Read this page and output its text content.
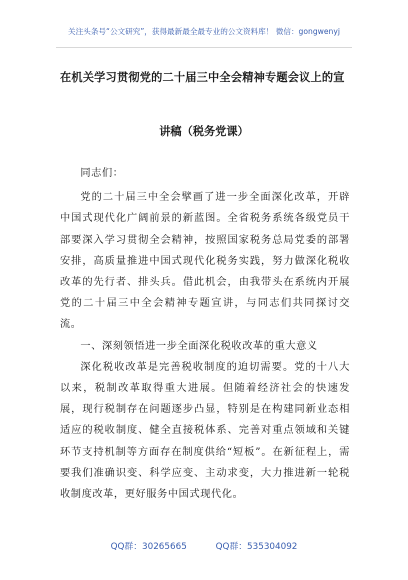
关注头条号“公文研究”，获得最新最全最专业的公文资料库！ 微信：gongwenyj
在机关学习贯彻党的二十届三中全会精神专题会议上的宣
讲稿（税务党课）

同志们：

党的二十届三中全会擘画了进一步全面深化改革，开辟中国式现代化广阔前景的新蓝图。全省税务系统各级党员干部要深入学习贯彻全会精神，按照国家税务总局党委的部署安排，高质量推进中国式现代化税务实践，努力做深化税收改革的先行者、排头兵。借此机会，由我带头在系统内开展党的二十届三中全会精神专题宣讲，与同志们共同探讨交流。

一、深刻领悟进一步全面深化税收改革的重大意义

深化税收改革是完善税收制度的迫切需要。党的十八大以来，税制改革取得重大进展。但随着经济社会的快速发展，现行税制存在问题逐步凸显，特别是在构建同新业态相适应的税收制度、健全直接税体系、完善对重点领域和关键环节支持机制等方面存在制度供给“短板”。在新征程上，需要我们准确识变、科学应变、主动求变，大力推进新一轮税收制度改革，更好服务中国式现代化。

QQ群：30265665	QQ群：535304092
